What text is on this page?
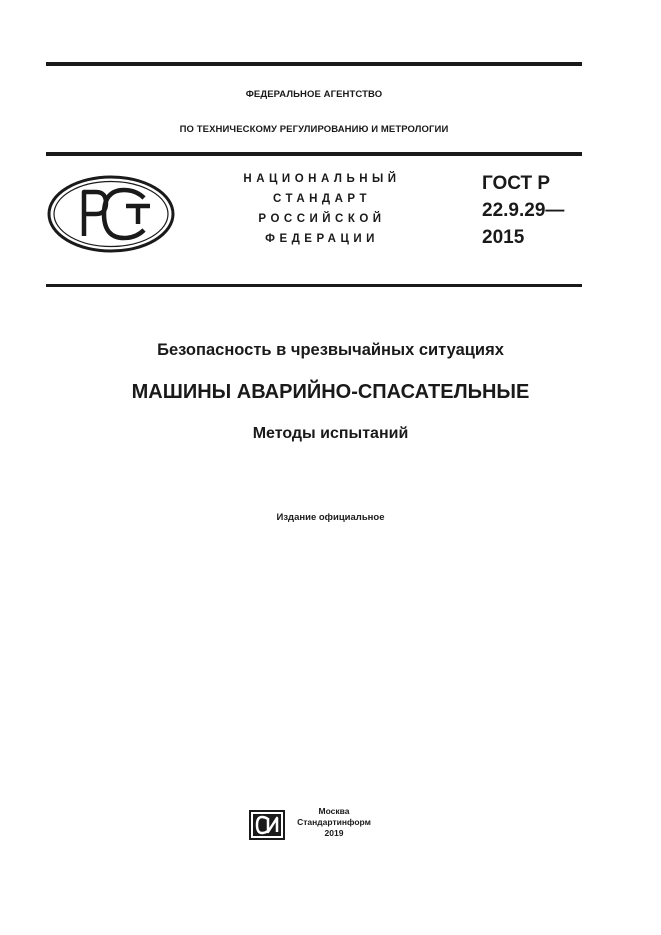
ФЕДЕРАЛЬНОЕ АГЕНТСТВО
ПО ТЕХНИЧЕСКОМУ РЕГУЛИРОВАНИЮ И МЕТРОЛОГИИ
РСТ	НАЦИОНАЛЬНЫЙ
СТАНДАРТ
РОССИЙСКОЙ
ФЕДЕРАЦИИ
ГОСТ Р
22.9.29—
2015
Безопасность в чрезвычайных ситуациях
МАШИНЫ АВАРИЙНО-СПАСАТЕЛЬНЫЕ
Методы испытаний
Издание официальное
Москва
Стандартинформ
2019
